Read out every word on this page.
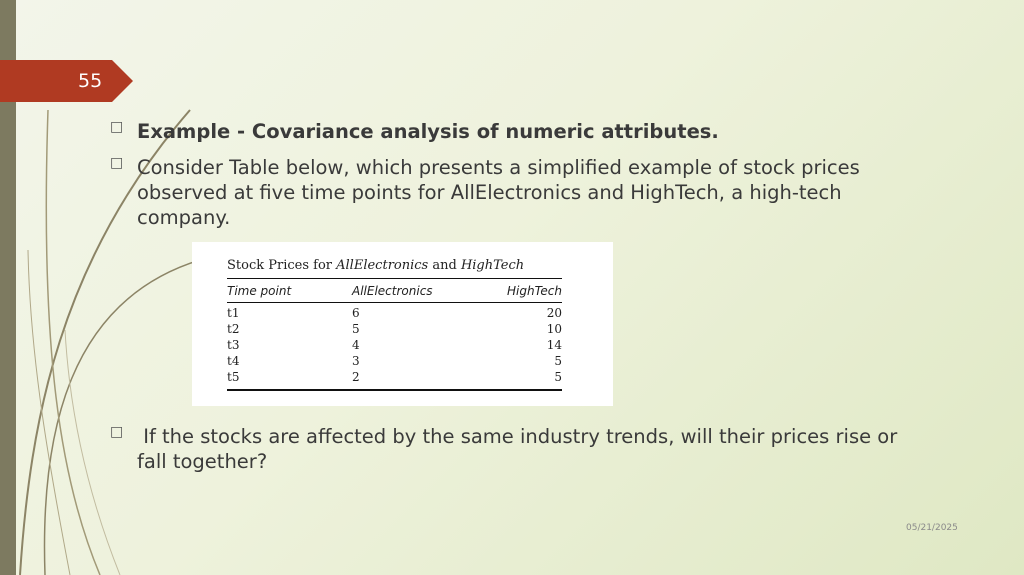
55
□ Example - Covariance analysis of numeric attributes.
□ Consider Table below, which presents a simplified example of stock prices observed at five time points for AllElectronics and HighTech, a high-tech company.
□ If the stocks are affected by the same industry trends, will their prices rise or fall together?
Stock Prices for AllElectronics and HighTech
Time point	AllElectronics	HighTech
t1	6	20
t2	5	10
t3	4	14
t4	3	5
t5	2	5
05/21/2025
